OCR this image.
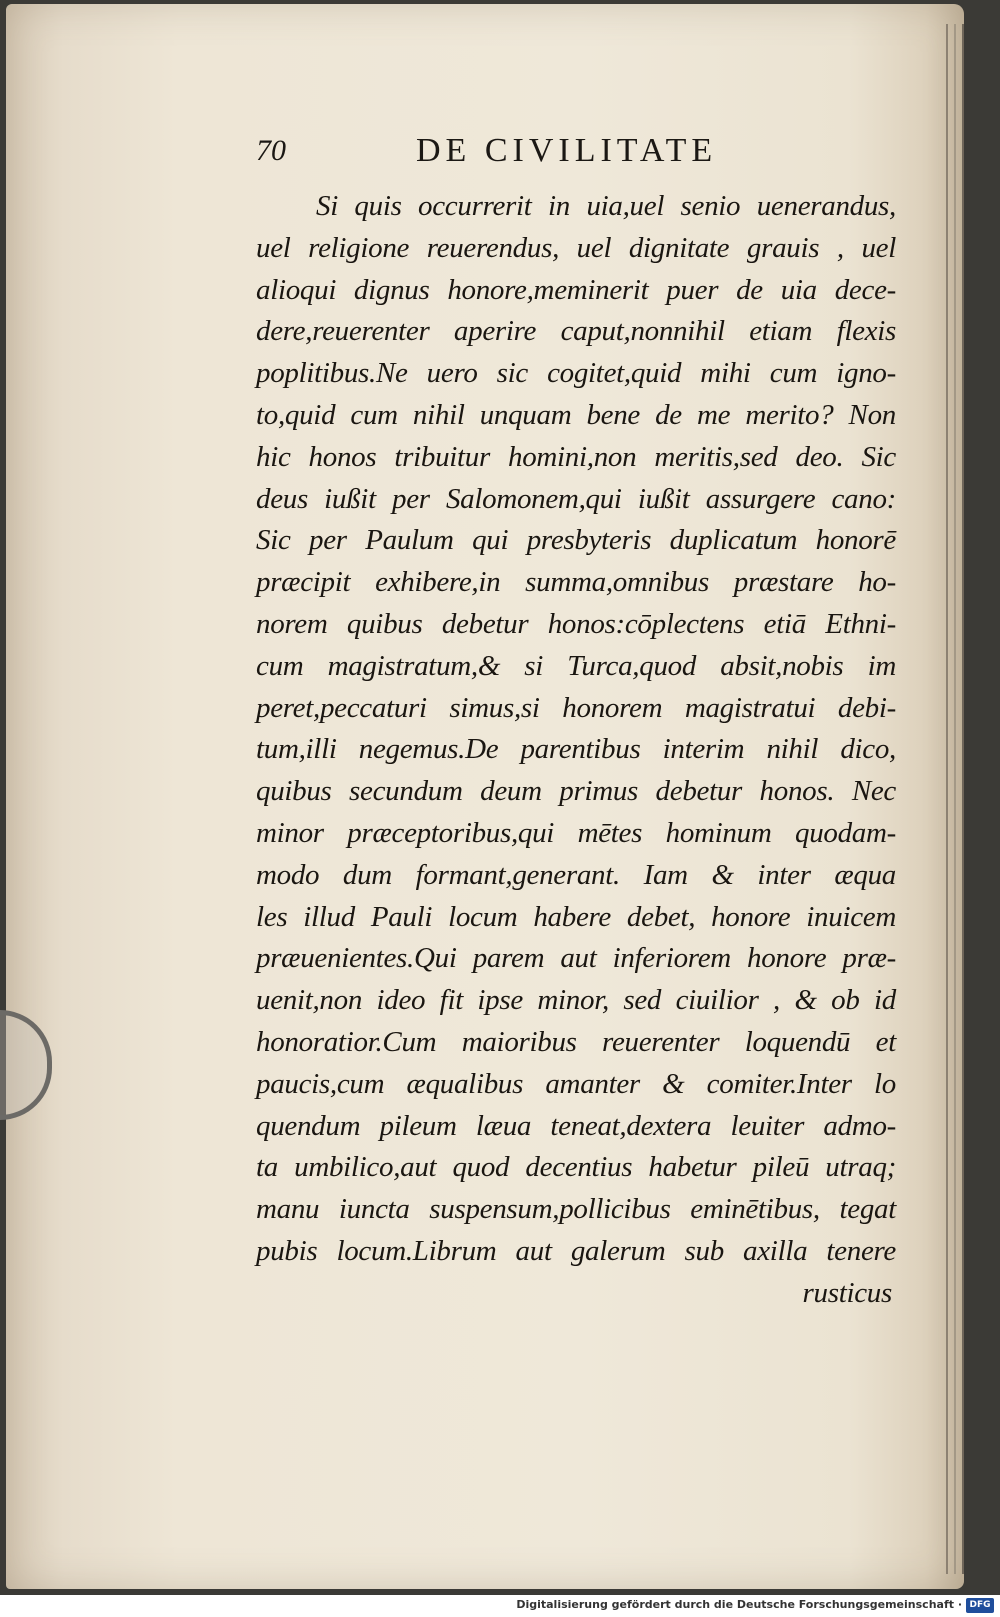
70	DE CIVILITATE
Si quis occurrerit in uia,uel senio uenerandus,
uel religione reuerendus, uel dignitate grauis , uel
alioqui dignus honore,meminerit puer de uia dece-
dere,reuerenter aperire caput,nonnihil etiam flexis
poplitibus.Ne uero sic cogitet,quid mihi cum igno-
to,quid cum nihil unquam bene de me merito? Non
hic honos tribuitur homini,non meritis,sed deo. Sic
deus iußit per Salomonem,qui iußit assurgere cano:
Sic per Paulum qui presbyteris duplicatum honorē
præcipit exhibere,in summa,omnibus præstare ho-
norem quibus debetur honos:cōplectens etiā Ethni-
cum magistratum,& si Turca,quod absit,nobis im
peret,peccaturi simus,si honorem magistratui debi-
tum,illi negemus.De parentibus interim nihil dico,
quibus secundum deum primus debetur honos. Nec
minor præceptoribus,qui mētes hominum quodam-
modo dum formant,generant. Iam & inter æqua
les illud Pauli locum habere debet, honore inuicem
præuenientes.Qui parem aut inferiorem honore præ-
uenit,non ideo fit ipse minor, sed ciuilior , & ob id
honoratior.Cum maioribus reuerenter loquendū et
paucis,cum æqualibus amanter & comiter.Inter lo
quendum pileum læua teneat,dextera leuiter admo-
ta umbilico,aut quod decentius habetur pileū utraq;
manu iuncta suspensum,pollicibus eminētibus, tegat
pubis locum.Librum aut galerum sub axilla tenere
rusticus
Digitalisierung gefördert durch die Deutsche Forschungsgemeinschaft · DFG
